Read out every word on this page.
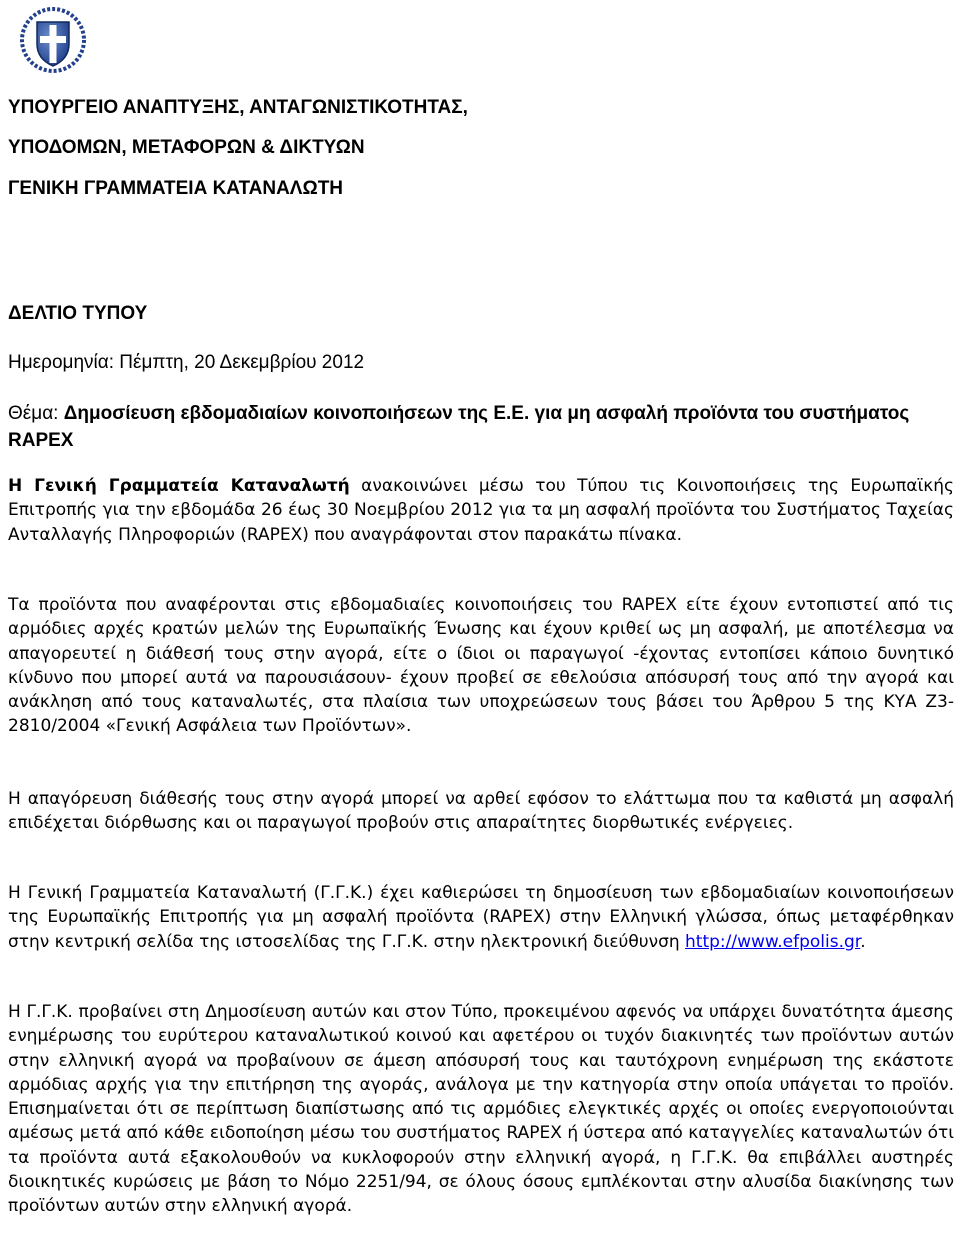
ΥΠΟΥΡΓΕΙΟ ΑΝΑΠΤΥΞΗΣ, ΑΝΤΑΓΩΝΙΣΤΙΚΟΤΗΤΑΣ,
ΥΠΟΔΟΜΩΝ, ΜΕΤΑΦΟΡΩΝ & ΔΙΚΤΥΩΝ
ΓΕΝΙΚΗ ΓΡΑΜΜΑΤΕΙΑ ΚΑΤΑΝΑΛΩΤΗ
ΔΕΛΤΙΟ ΤΥΠΟΥ
Ημερομηνία: Πέμπτη, 20 Δεκεμβρίου 2012
Θέμα: Δημοσίευση εβδομαδιαίων κοινοποιήσεων της Ε.Ε. για μη ασφαλή προϊόντα του συστήματος RAPEX
Η Γενική Γραμματεία Καταναλωτή ανακοινώνει μέσω του Τύπου τις Κοινοποιήσεις της Ευρωπαϊκής Επιτροπής για την εβδομάδα 26 έως 30 Νοεμβρίου 2012 για τα μη ασφαλή προϊόντα του Συστήματος Ταχείας Ανταλλαγής Πληροφοριών (RAPEX) που αναγράφονται στον παρακάτω πίνακα.
Τα προϊόντα που αναφέρονται στις εβδομαδιαίες κοινοποιήσεις του RAPEX είτε έχουν εντοπιστεί από τις αρμόδιες αρχές κρατών μελών της Ευρωπαϊκής Ένωσης και έχουν κριθεί ως μη ασφαλή, με αποτέλεσμα να απαγορευτεί η διάθεσή τους στην αγορά, είτε ο ίδιοι οι παραγωγοί -έχοντας εντοπίσει κάποιο δυνητικό κίνδυνο που μπορεί αυτά να παρουσιάσουν- έχουν προβεί σε εθελούσια απόσυρσή τους από την αγορά και ανάκληση από τους καταναλωτές, στα πλαίσια των υποχρεώσεων τους βάσει του Άρθρου 5 της ΚΥΑ Ζ3-2810/2004 «Γενική Ασφάλεια των Προϊόντων».
Η απαγόρευση διάθεσής τους στην αγορά μπορεί να αρθεί εφόσον το ελάττωμα που τα καθιστά μη ασφαλή επιδέχεται διόρθωσης και οι παραγωγοί προβούν στις απαραίτητες διορθωτικές ενέργειες.
Η Γενική Γραμματεία Καταναλωτή (Γ.Γ.Κ.) έχει καθιερώσει τη δημοσίευση των εβδομαδιαίων κοινοποιήσεων της Ευρωπαϊκής Επιτροπής για μη ασφαλή προϊόντα (RAPEX) στην Ελληνική γλώσσα, όπως μεταφέρθηκαν στην κεντρική σελίδα της ιστοσελίδας της Γ.Γ.Κ. στην ηλεκτρονική διεύθυνση http://www.efpolis.gr.
Η Γ.Γ.Κ. προβαίνει στη Δημοσίευση αυτών και στον Τύπο, προκειμένου αφενός να υπάρχει δυνατότητα άμεσης ενημέρωσης του ευρύτερου καταναλωτικού κοινού και αφετέρου οι τυχόν διακινητές των προϊόντων αυτών στην ελληνική αγορά να προβαίνουν σε άμεση απόσυρσή τους και ταυτόχρονη ενημέρωση της εκάστοτε αρμόδιας αρχής για την επιτήρηση της αγοράς, ανάλογα με την κατηγορία στην οποία υπάγεται το προϊόν. Επισημαίνεται ότι σε περίπτωση διαπίστωσης από τις αρμόδιες ελεγκτικές αρχές οι οποίες ενεργοποιούνται αμέσως μετά από κάθε ειδοποίηση μέσω του συστήματος RAPEX ή ύστερα από καταγγελίες καταναλωτών ότι τα προϊόντα αυτά εξακολουθούν να κυκλοφορούν στην ελληνική αγορά, η Γ.Γ.Κ. θα επιβάλλει αυστηρές διοικητικές κυρώσεις με βάση το Νόμο 2251/94, σε όλους όσους εμπλέκονται στην αλυσίδα διακίνησης των προϊόντων αυτών στην ελληνική αγορά.
